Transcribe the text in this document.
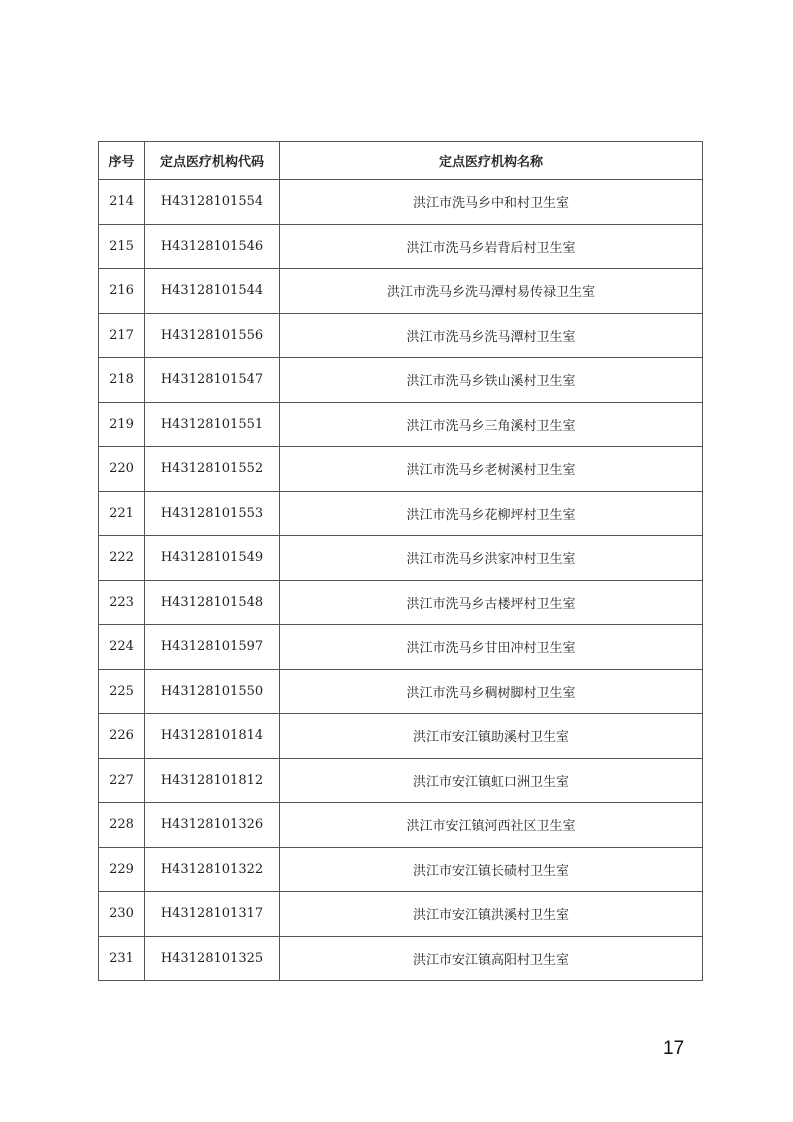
序号	定点医疗机构代码	定点医疗机构名称
214	H43128101554	洪江市洗马乡中和村卫生室
215	H43128101546	洪江市洗马乡岩背后村卫生室
216	H43128101544	洪江市洗马乡洗马潭村易传禄卫生室
217	H43128101556	洪江市洗马乡洗马潭村卫生室
218	H43128101547	洪江市洗马乡铁山溪村卫生室
219	H43128101551	洪江市洗马乡三角溪村卫生室
220	H43128101552	洪江市洗马乡老树溪村卫生室
221	H43128101553	洪江市洗马乡花柳坪村卫生室
222	H43128101549	洪江市洗马乡洪家冲村卫生室
223	H43128101548	洪江市洗马乡古楼坪村卫生室
224	H43128101597	洪江市洗马乡甘田冲村卫生室
225	H43128101550	洪江市洗马乡稠树脚村卫生室
226	H43128101814	洪江市安江镇助溪村卫生室
227	H43128101812	洪江市安江镇虹口洲卫生室
228	H43128101326	洪江市安江镇河西社区卫生室
229	H43128101322	洪江市安江镇长碛村卫生室
230	H43128101317	洪江市安江镇洪溪村卫生室
231	H43128101325	洪江市安江镇高阳村卫生室
17
